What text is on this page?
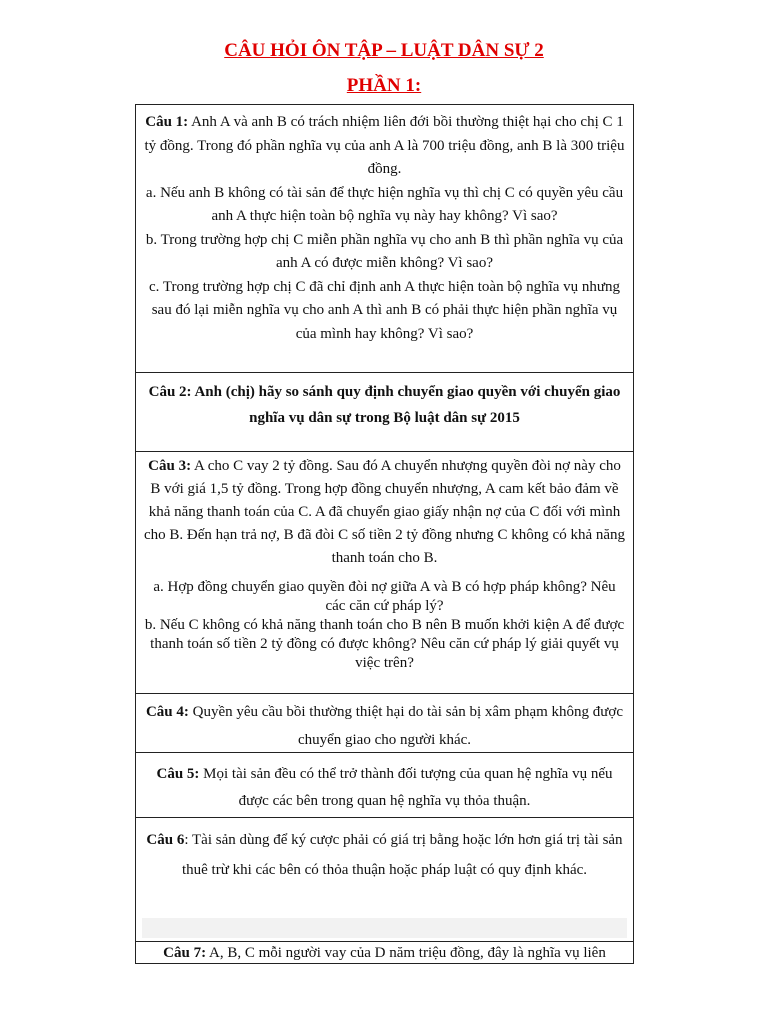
CÂU HỎI ÔN TẬP – LUẬT DÂN SỰ 2
PHẦN 1:

Câu 1: Anh A và anh B có trách nhiệm liên đới bồi thường thiệt hại cho chị C 1 tỷ đồng. Trong đó phần nghĩa vụ của anh A là 700 triệu đồng, anh B là 300 triệu đồng.

a. Nếu anh B không có tài sản để thực hiện nghĩa vụ thì chị C có quyền yêu cầu anh A thực hiện toàn bộ nghĩa vụ này hay không? Vì sao?

b. Trong trường hợp chị C miễn phần nghĩa vụ cho anh B thì phần nghĩa vụ của anh A có được miễn không? Vì sao?

c. Trong trường hợp chị C đã chỉ định anh A thực hiện toàn bộ nghĩa vụ nhưng sau đó lại miễn nghĩa vụ cho anh A thì anh B có phải thực hiện phần nghĩa vụ của mình hay không? Vì sao?

Câu 2: Anh (chị) hãy so sánh quy định chuyển giao quyền với chuyển giao nghĩa vụ dân sự trong Bộ luật dân sự 2015

Câu 3: A cho C vay 2 tỷ đồng. Sau đó A chuyển nhượng quyền đòi nợ này cho B với giá 1,5 tỷ đồng. Trong hợp đồng chuyển nhượng, A cam kết bảo đảm về khả năng thanh toán của C. A đã chuyển giao giấy nhận nợ của C đối với mình cho B. Đến hạn trả nợ, B đã đòi C số tiền 2 tỷ đồng nhưng C không có khả năng thanh toán cho B.

a. Hợp đồng chuyển giao quyền đòi nợ giữa A và B có hợp pháp không? Nêu các căn cứ pháp lý?

b. Nếu C không có khả năng thanh toán cho B nên B muốn khởi kiện A để được thanh toán số tiền 2 tỷ đồng có được không? Nêu căn cứ pháp lý giải quyết vụ việc trên?

Câu 4: Quyền yêu cầu bồi thường thiệt hại do tài sản bị xâm phạm không được chuyển giao cho người khác.

Câu 5: Mọi tài sản đều có thể trở thành đối tượng của quan hệ nghĩa vụ nếu được các bên trong quan hệ nghĩa vụ thỏa thuận.

Câu 6: Tài sản dùng để ký cược phải có giá trị bằng hoặc lớn hơn giá trị tài sản thuê trừ khi các bên có thỏa thuận hoặc pháp luật có quy định khác.

Câu 7: A, B, C mỗi người vay của D năm triệu đồng, đây là nghĩa vụ liên
